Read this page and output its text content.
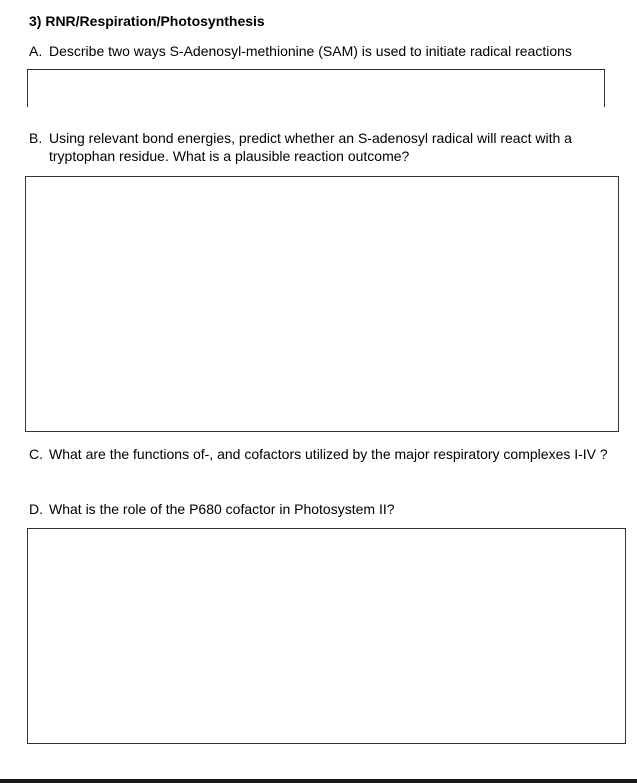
3) RNR/Respiration/Photosynthesis
A. Describe two ways S-Adenosyl-methionine (SAM) is used to initiate radical reactions
B. Using relevant bond energies, predict whether an S-adenosyl radical will react with a tryptophan residue. What is a plausible reaction outcome?
C. What are the functions of-, and cofactors utilized by the major respiratory complexes I-IV ?
D. What is the role of the P680 cofactor in Photosystem II?
